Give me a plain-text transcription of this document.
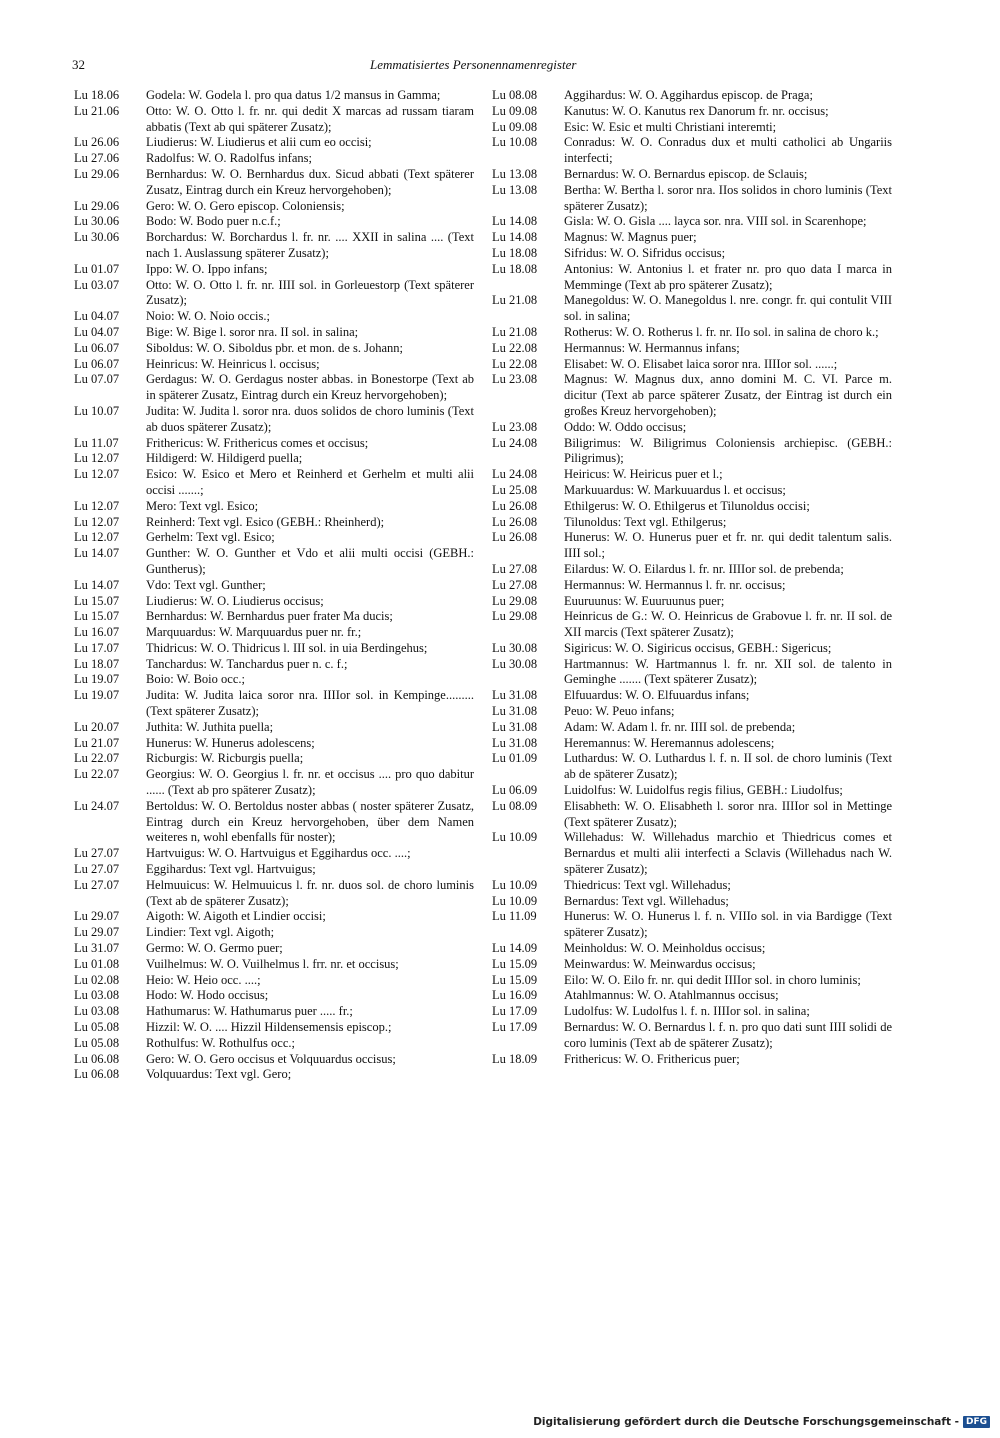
32	Lemmatisiertes Personennamenregister
Lu 18.06	Godela: W. Godela l. pro qua datus 1/2 mansus in Gamma;
Lu 21.06	Otto: W. O. Otto l. fr. nr. qui dedit X marcas ad russam tiaram abbatis (Text ab qui späterer Zusatz);
Lu 26.06	Liudierus: W. Liudierus et alii cum eo occisi;
Lu 27.06	Radolfus: W. O. Radolfus infans;
Lu 29.06	Bernhardus: W. O. Bernhardus dux. Sicud abbati (Text späterer Zusatz, Eintrag durch ein Kreuz hervorgehoben);
Lu 29.06	Gero: W. O. Gero episcop. Coloniensis;
Lu 30.06	Bodo: W. Bodo puer n.c.f.;
Lu 30.06	Borchardus: W. Borchardus l. fr. nr. .... XXII in salina .... (Text nach 1. Auslassung späterer Zusatz);
Lu 01.07	Ippo: W. O. Ippo infans;
Lu 03.07	Otto: W. O. Otto l. fr. nr. IIII sol. in Gorleuestorp (Text späterer Zusatz);
Lu 04.07	Noio: W. O. Noio occis.;
Lu 04.07	Bige: W. Bige l. soror nra. II sol. in salina;
Lu 06.07	Siboldus: W. O. Siboldus pbr. et mon. de s. Johann;
Lu 06.07	Heinricus: W. Heinricus l. occisus;
Lu 07.07	Gerdagus: W. O. Gerdagus noster abbas. in Bonestorpe (Text ab in späterer Zusatz, Eintrag durch ein Kreuz hervorgehoben);
Lu 10.07	Judita: W. Judita l. soror nra. duos solidos de choro luminis (Text ab duos späterer Zusatz);
Lu 11.07	Frithericus: W. Frithericus comes et occisus;
Lu 12.07	Hildigerd: W. Hildigerd puella;
Lu 12.07	Esico: W. Esico et Mero et Reinherd et Gerhelm et multi alii occisi .......;
Lu 12.07	Mero: Text vgl. Esico;
Lu 12.07	Reinherd: Text vgl. Esico (GEBH.: Rheinherd);
Lu 12.07	Gerhelm: Text vgl. Esico;
Lu 14.07	Gunther: W. O. Gunther et Vdo et alii multi occisi (GEBH.: Guntherus);
Lu 14.07	Vdo: Text vgl. Gunther;
Lu 15.07	Liudierus: W. O. Liudierus occisus;
Lu 15.07	Bernhardus: W. Bernhardus puer frater Ma ducis;
Lu 16.07	Marquuardus: W. Marquuardus puer nr. fr.;
Lu 17.07	Thidricus: W. O. Thidricus l. III sol. in uia Berdingehus;
Lu 18.07	Tanchardus: W. Tanchardus puer n. c. f.;
Lu 19.07	Boio: W. Boio occ.;
Lu 19.07	Judita: W. Judita laica soror nra. IIIIor sol. in Kempinge......... (Text späterer Zusatz);
Lu 20.07	Juthita: W. Juthita puella;
Lu 21.07	Hunerus: W. Hunerus adolescens;
Lu 22.07	Ricburgis: W. Ricburgis puella;
Lu 22.07	Georgius: W. O. Georgius l. fr. nr. et occisus .... pro quo dabitur ...... (Text ab pro späterer Zusatz);
Lu 24.07	Bertoldus: W. O. Bertoldus noster abbas ( noster späterer Zusatz, Eintrag durch ein Kreuz hervorgehoben, über dem Namen weiteres n, wohl ebenfalls für noster);
Lu 27.07	Hartvuigus: W. O. Hartvuigus et Eggihardus occ. ....;
Lu 27.07	Eggihardus: Text vgl. Hartvuigus;
Lu 27.07	Helmuuicus: W. Helmuuicus l. fr. nr. duos sol. de choro luminis (Text ab de späterer Zusatz);
Lu 29.07	Aigoth: W. Aigoth et Lindier occisi;
Lu 29.07	Lindier: Text vgl. Aigoth;
Lu 31.07	Germo: W. O. Germo puer;
Lu 01.08	Vuilhelmus: W. O. Vuilhelmus l. frr. nr. et occisus;
Lu 02.08	Heio: W. Heio occ. ....;
Lu 03.08	Hodo: W. Hodo occisus;
Lu 03.08	Hathumarus: W. Hathumarus puer ..... fr.;
Lu 05.08	Hizzil: W. O. .... Hizzil Hildensemensis episcop.;
Lu 05.08	Rothulfus: W. Rothulfus occ.;
Lu 06.08	Gero: W. O. Gero occisus et Volquuardus occisus;
Lu 06.08	Volquuardus: Text vgl. Gero;
Lu 08.08	Aggihardus: W. O. Aggihardus episcop. de Praga;
Lu 09.08	Kanutus: W. O. Kanutus rex Danorum fr. nr. occisus;
Lu 09.08	Esic: W. Esic et multi Christiani interemti;
Lu 10.08	Conradus: W. O. Conradus dux et multi catholici ab Ungariis interfecti;
Lu 13.08	Bernardus: W. O. Bernardus episcop. de Sclauis;
Lu 13.08	Bertha: W. Bertha l. soror nra. IIos solidos in choro luminis (Text späterer Zusatz);
Lu 14.08	Gisla: W. O. Gisla .... layca sor. nra. VIII sol. in Scarenhope;
Lu 14.08	Magnus: W. Magnus puer;
Lu 18.08	Sifridus: W. O. Sifridus occisus;
Lu 18.08	Antonius: W. Antonius l. et frater nr. pro quo data I marca in Memminge (Text ab pro späterer Zusatz);
Lu 21.08	Manegoldus: W. O. Manegoldus l. nre. congr. fr. qui contulit VIII sol. in salina;
Lu 21.08	Rotherus: W. O. Rotherus l. fr. nr. IIo sol. in salina de choro k.;
Lu 22.08	Hermannus: W. Hermannus infans;
Lu 22.08	Elisabet: W. O. Elisabet laica soror nra. IIIIor sol. ......;
Lu 23.08	Magnus: W. Magnus dux, anno domini M. C. VI. Parce m. dicitur (Text ab parce späterer Zusatz, der Eintrag ist durch ein großes Kreuz hervorgehoben);
Lu 23.08	Oddo: W. Oddo occisus;
Lu 24.08	Biligrimus: W. Biligrimus Coloniensis archiepisc. (GEBH.: Piligrimus);
Lu 24.08	Heiricus: W. Heiricus puer et l.;
Lu 25.08	Markuuardus: W. Markuuardus l. et occisus;
Lu 26.08	Ethilgerus: W. O. Ethilgerus et Tilunoldus occisi;
Lu 26.08	Tilunoldus: Text vgl. Ethilgerus;
Lu 26.08	Hunerus: W. O. Hunerus puer et fr. nr. qui dedit talentum salis. IIII sol.;
Lu 27.08	Eilardus: W. O. Eilardus l. fr. nr. IIIIor sol. de prebenda;
Lu 27.08	Hermannus: W. Hermannus l. fr. nr. occisus;
Lu 29.08	Euuruunus: W. Euuruunus puer;
Lu 29.08	Heinricus de G.: W. O. Heinricus de Grabovue l. fr. nr. II sol. de XII marcis (Text späterer Zusatz);
Lu 30.08	Sigiricus: W. O. Sigiricus occisus, GEBH.: Sigericus;
Lu 30.08	Hartmannus: W. Hartmannus l. fr. nr. XII sol. de talento in Geminghe ....... (Text späterer Zusatz);
Lu 31.08	Elfuuardus: W. O. Elfuuardus infans;
Lu 31.08	Peuo: W. Peuo infans;
Lu 31.08	Adam: W. Adam l. fr. nr. IIII sol. de prebenda;
Lu 31.08	Heremannus: W. Heremannus adolescens;
Lu 01.09	Luthardus: W. O. Luthardus l. f. n. II sol. de choro luminis (Text ab de späterer Zusatz);
Lu 06.09	Luidolfus: W. Luidolfus regis filius, GEBH.: Liudolfus;
Lu 08.09	Elisabheth: W. O. Elisabheth l. soror nra. IIIIor sol in Mettinge (Text späterer Zusatz);
Lu 10.09	Willehadus: W. Willehadus marchio et Thiedricus comes et Bernardus et multi alii interfecti a Sclavis (Willehadus nach W. späterer Zusatz);
Lu 10.09	Thiedricus: Text vgl. Willehadus;
Lu 10.09	Bernardus: Text vgl. Willehadus;
Lu 11.09	Hunerus: W. O. Hunerus l. f. n. VIIIo sol. in via Bardigge (Text späterer Zusatz);
Lu 14.09	Meinholdus: W. O. Meinholdus occisus;
Lu 15.09	Meinwardus: W. Meinwardus occisus;
Lu 15.09	Eilo: W. O. Eilo fr. nr. qui dedit IIIIor sol. in choro luminis;
Lu 16.09	Atahlmannus: W. O. Atahlmannus occisus;
Lu 17.09	Ludolfus: W. Ludolfus l. f. n. IIIIor sol. in salina;
Lu 17.09	Bernardus: W. O. Bernardus l. f. n. pro quo dati sunt IIII solidi de coro luminis (Text ab de späterer Zusatz);
Lu 18.09	Frithericus: W. O. Frithericus puer;
Digitalisierung gefördert durch die Deutsche Forschungsgemeinschaft - DFG
